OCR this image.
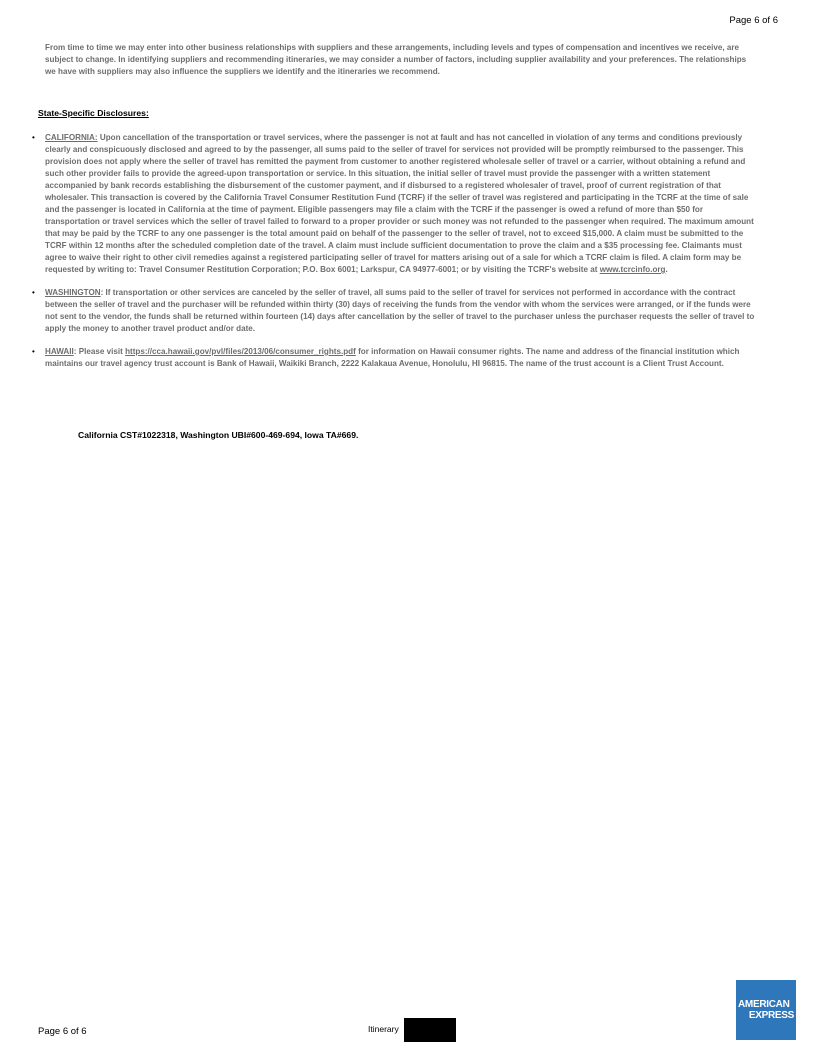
Page 6 of 6
From time to time we may enter into other business relationships with suppliers and these arrangements, including levels and types of compensation and incentives we receive, are subject to change. In identifying suppliers and recommending itineraries, we may consider a number of factors, including supplier availability and your preferences. The relationships we have with suppliers may also influence the suppliers we identify and the itineraries we recommend.
State-Specific Disclosures:
• CALIFORNIA: Upon cancellation of the transportation or travel services, where the passenger is not at fault and has not cancelled in violation of any terms and conditions previously clearly and conspicuously disclosed and agreed to by the passenger, all sums paid to the seller of travel for services not provided will be promptly reimbursed to the passenger. This provision does not apply where the seller of travel has remitted the payment from customer to another registered wholesale seller of travel or a carrier, without obtaining a refund and such other provider fails to provide the agreed-upon transportation or service. In this situation, the initial seller of travel must provide the passenger with a written statement accompanied by bank records establishing the disbursement of the customer payment, and if disbursed to a registered wholesaler of travel, proof of current registration of that wholesaler. This transaction is covered by the California Travel Consumer Restitution Fund (TCRF) if the seller of travel was registered and participating in the TCRF at the time of sale and the passenger is located in California at the time of payment. Eligible passengers may file a claim with the TCRF if the passenger is owed a refund of more than $50 for transportation or travel services which the seller of travel failed to forward to a proper provider or such money was not refunded to the passenger when required. The maximum amount that may be paid by the TCRF to any one passenger is the total amount paid on behalf of the passenger to the seller of travel, not to exceed $15,000. A claim must be submitted to the TCRF within 12 months after the scheduled completion date of the travel. A claim must include sufficient documentation to prove the claim and a $35 processing fee. Claimants must agree to waive their right to other civil remedies against a registered participating seller of travel for matters arising out of a sale for which a TCRF claim is filed. A claim form may be requested by writing to: Travel Consumer Restitution Corporation; P.O. Box 6001; Larkspur, CA 94977-6001; or by visiting the TCRF's website at www.tcrcinfo.org.
• WASHINGTON: If transportation or other services are canceled by the seller of travel, all sums paid to the seller of travel for services not performed in accordance with the contract between the seller of travel and the purchaser will be refunded within thirty (30) days of receiving the funds from the vendor with whom the services were arranged, or if the funds were not sent to the vendor, the funds shall be returned within fourteen (14) days after cancellation by the seller of travel to the purchaser unless the purchaser requests the seller of travel to apply the money to another travel product and/or date.
• HAWAII: Please visit https://cca.hawaii.gov/pvl/files/2013/06/consumer_rights.pdf for information on Hawaii consumer rights. The name and address of the financial institution which maintains our travel agency trust account is Bank of Hawaii, Waikiki Branch, 2222 Kalakaua Avenue, Honolulu, HI 96815. The name of the trust account is a Client Trust Account.
California CST#1022318, Washington UBI#600-469-694, Iowa TA#669.
Page 6 of 6	Itinerary
AMERICAN
EXPRESS
